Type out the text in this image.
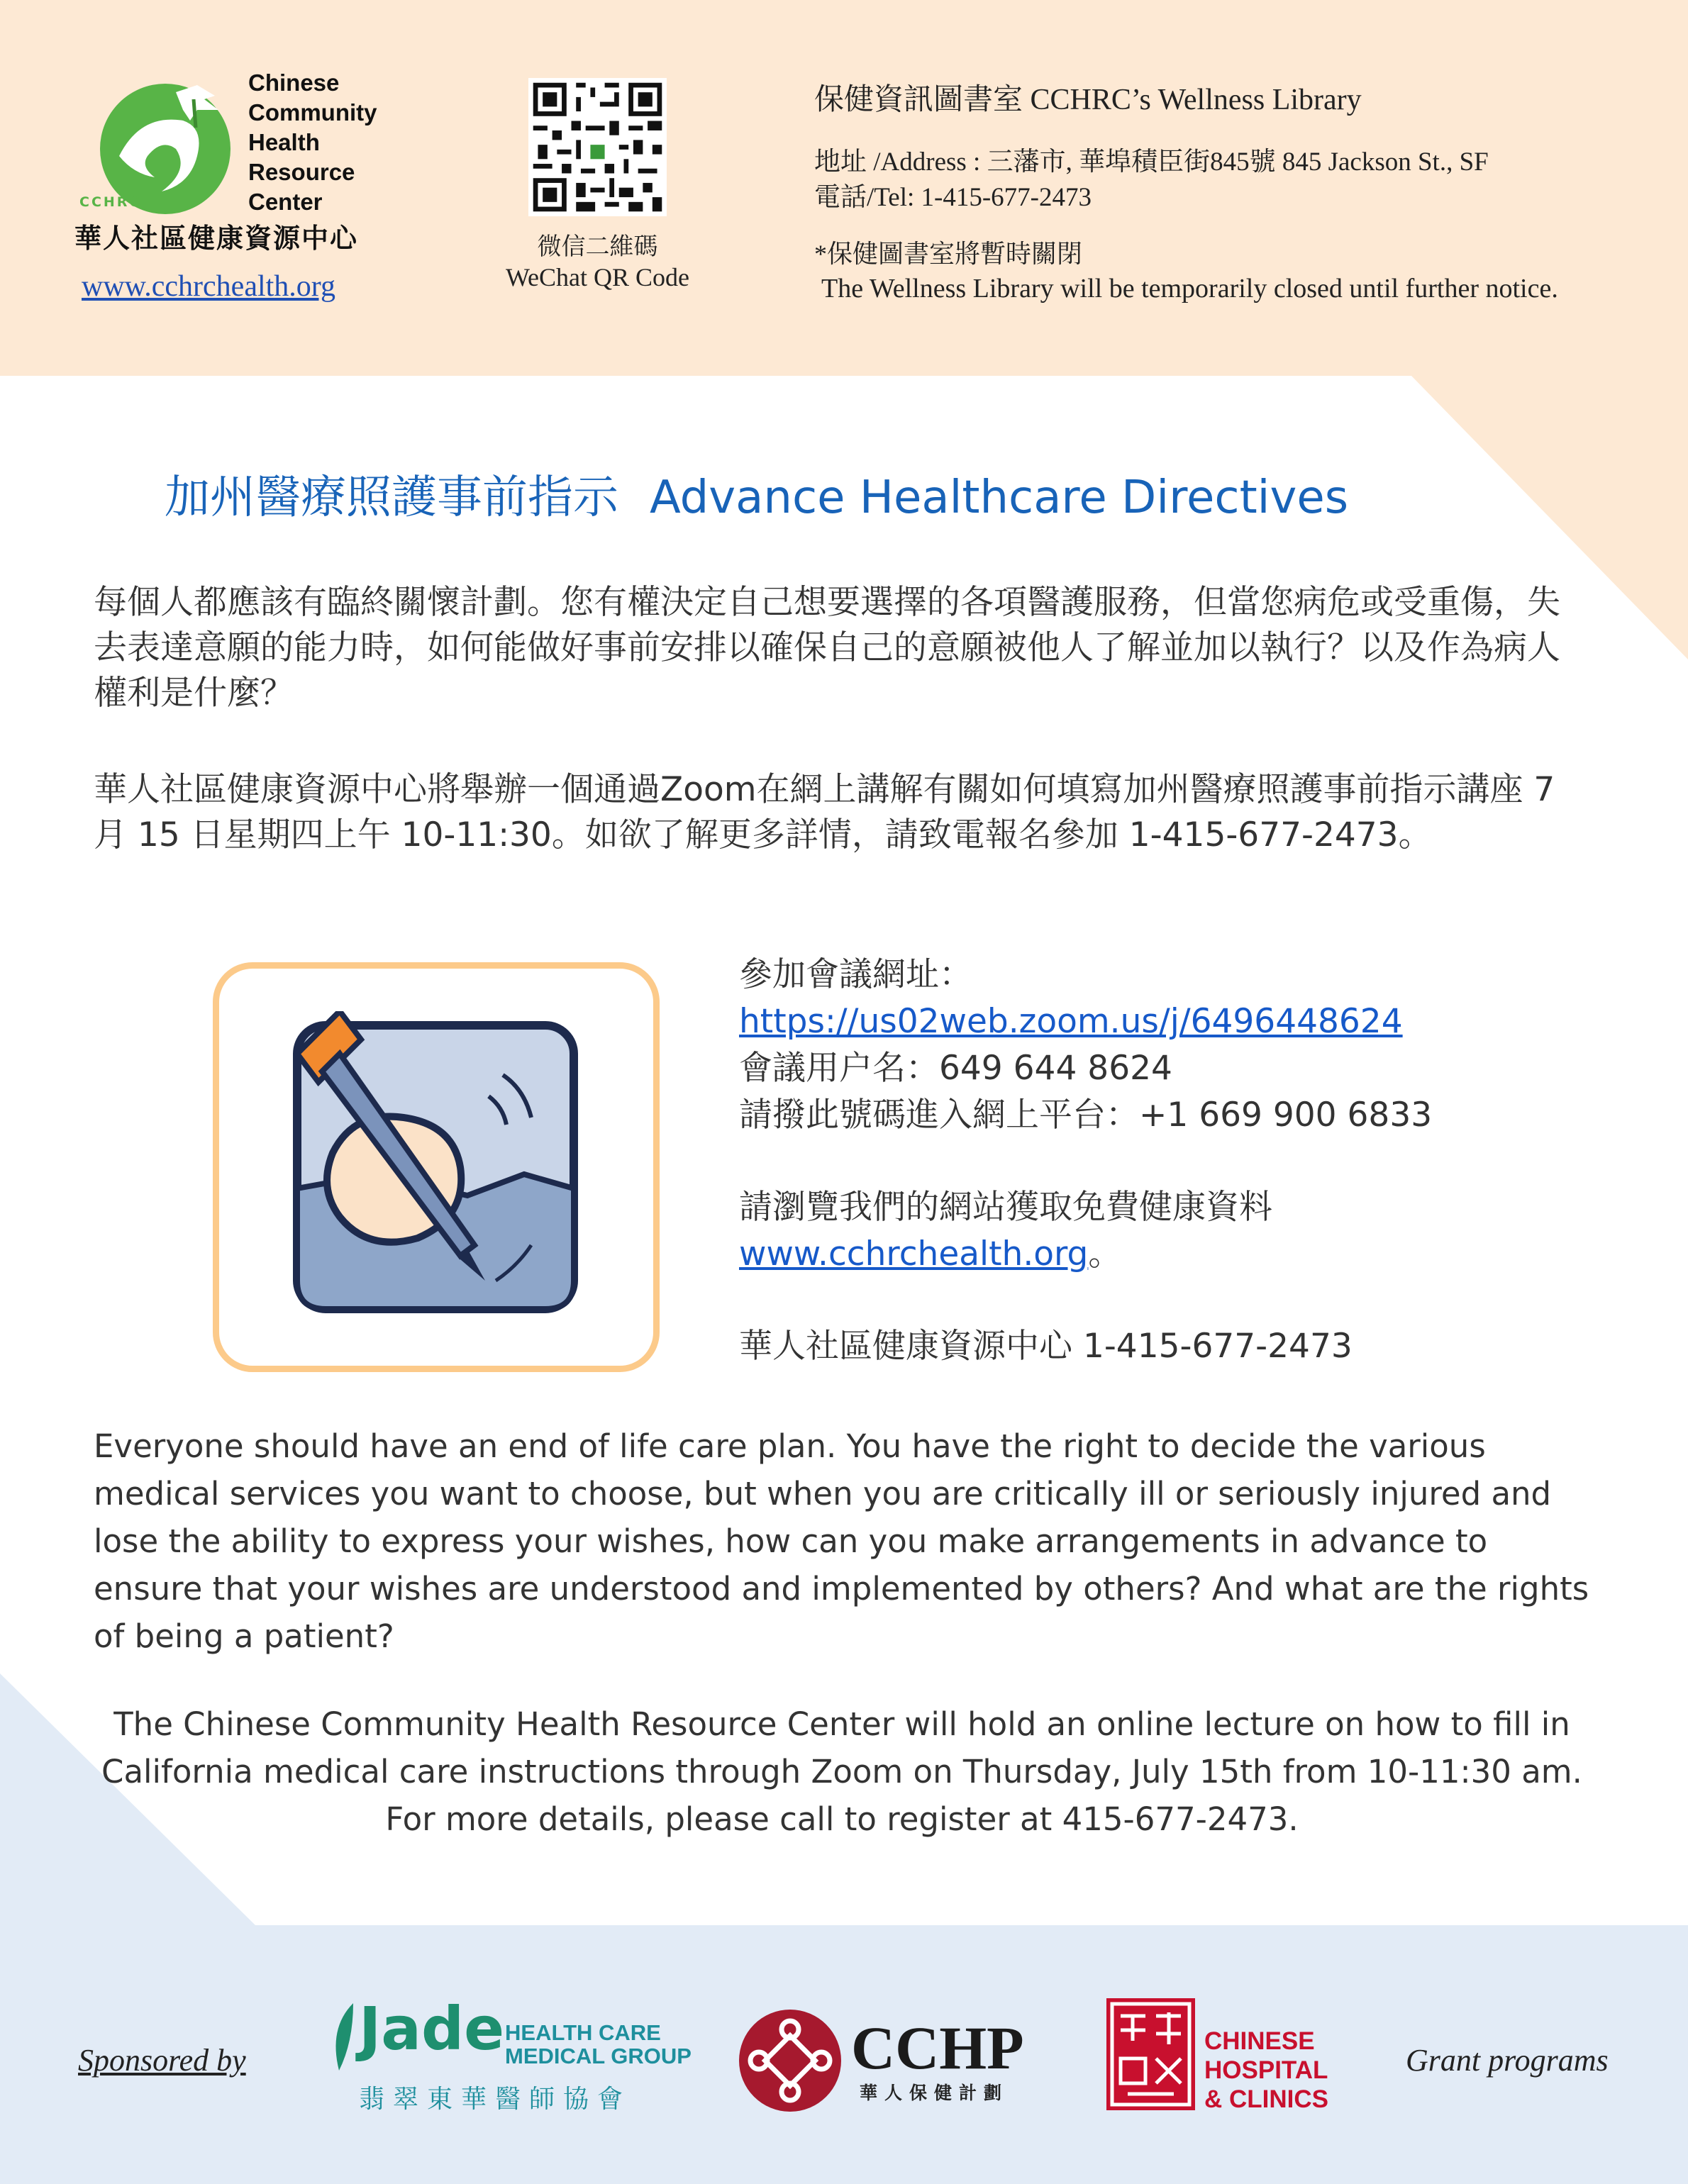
CCHRC
Chinese
Community
Health
Resource
Center
華人社區健康資源中心
www.cchrchealth.org
微信二維碼
WeChat QR Code
保健資訊圖書室 CCHRC’s Wellness Library
地址 /Address : 三藩市, 華埠積臣街845號 845 Jackson St., SF
電話/Tel: 1-415-677-2473
*保健圖書室將暫時關閉
The Wellness Library will be temporarily closed until further notice.
加州醫療照護事前指示 Advance Healthcare Directives
每個人都應該有臨終關懷計劃。您有權決定自己想要選擇的各項醫護服務，但當您病危或受重傷，失去表達意願的能力時，如何能做好事前安排以確保自己的意願被他人了解並加以執行？以及作為病人權利是什麼？
華人社區健康資源中心將舉辦一個通過Zoom在網上講解有關如何填寫加州醫療照護事前指示講座 7 月 15 日星期四上午 10-11:30。如欲了解更多詳情，請致電報名參加 1-415-677-2473。
參加會議網址：
https://us02web.zoom.us/j/6496448624
會議用户名：649 644 8624
請撥此號碼進入網上平台：+1 669 900 6833
請瀏覽我們的網站獲取免費健康資料
www.cchrchealth.org。
華人社區健康資源中心 1-415-677-2473
Everyone should have an end of life care plan. You have the right to decide the various medical services you want to choose, but when you are critically ill or seriously injured and lose the ability to express your wishes, how can you make arrangements in advance to ensure that your wishes are understood and implemented by others? And what are the rights of being a patient?
The Chinese Community Health Resource Center will hold an online lecture on how to fill in California medical care instructions through Zoom on Thursday, July 15th from 10-11:30 am. For more details, please call to register at 415-677-2473.
Sponsored by Jade HEALTH CARE
MEDICAL GROUP
翡翠東華醫師協會
CCHP
華人保健計劃
CHINESE
HOSPITAL
& CLINICS
Grant programs
